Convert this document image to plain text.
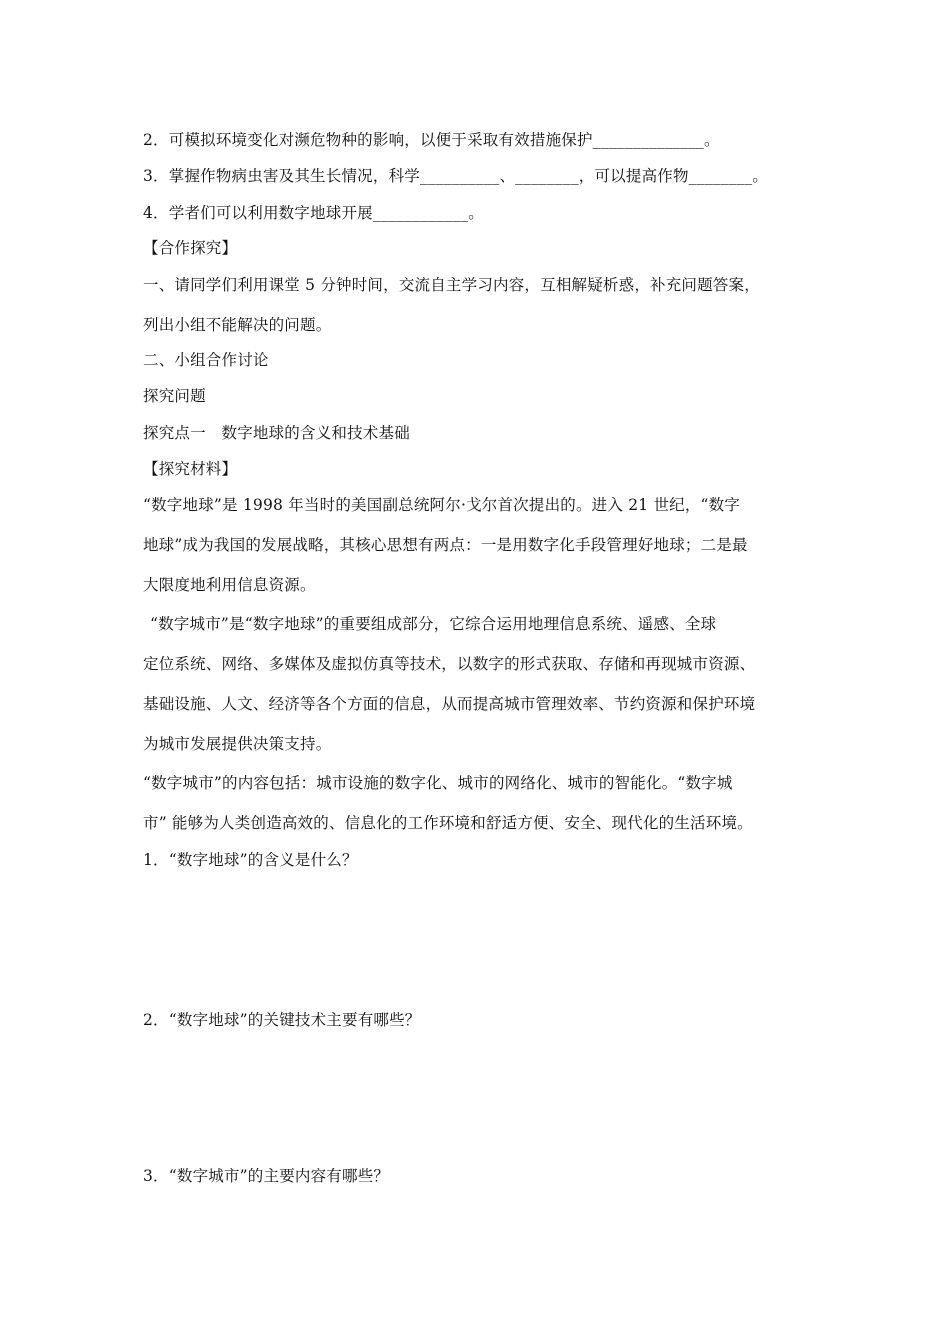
2．可模拟环境变化对濒危物种的影响，以便于采取有效措施保护______________。
3．掌握作物病虫害及其生长情况，科学__________、________，可以提高作物________。
4．学者们可以利用数字地球开展____________。
【合作探究】
一、请同学们利用课堂 5 分钟时间，交流自主学习内容，互相解疑析惑，补充问题答案，
列出小组不能解决的问题。
二、小组合作讨论
探究问题
探究点一　数字地球的含义和技术基础
【探究材料】
“数字地球”是 1998 年当时的美国副总统阿尔·戈尔首次提出的。进入 21 世纪，“数字
地球”成为我国的发展战略，其核心思想有两点：一是用数字化手段管理好地球；二是最
大限度地利用信息资源。
“数字城市”是“数字地球”的重要组成部分，它综合运用地理信息系统、遥感、全球
定位系统、网络、多媒体及虚拟仿真等技术，以数字的形式获取、存储和再现城市资源、
基础设施、人文、经济等各个方面的信息，从而提高城市管理效率、节约资源和保护环境
为城市发展提供决策支持。
“数字城市”的内容包括：城市设施的数字化、城市的网络化、城市的智能化。“数字城
市” 能够为人类创造高效的、信息化的工作环境和舒适方便、安全、现代化的生活环境。
1．“数字地球”的含义是什么？
2．“数字地球”的关键技术主要有哪些？
3．“数字城市”的主要内容有哪些？
